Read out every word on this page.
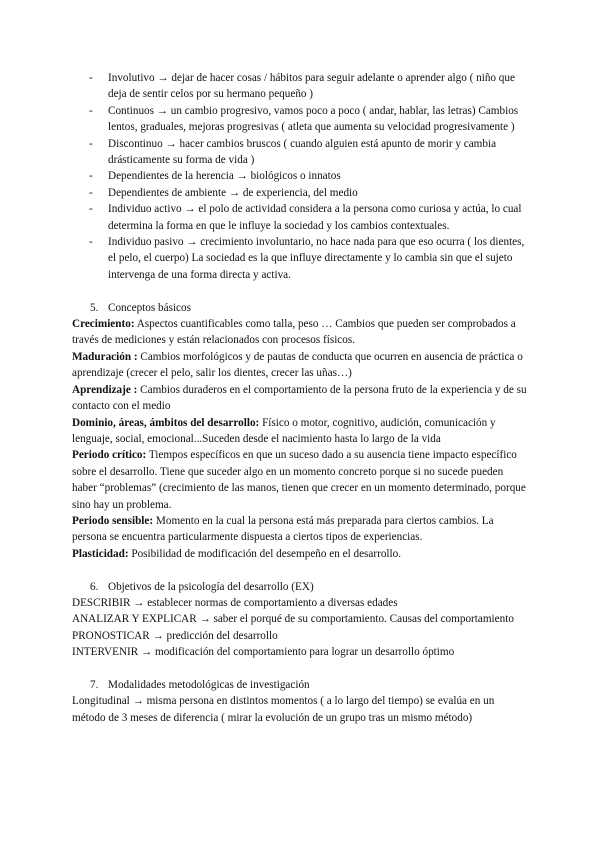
- Involutivo → dejar de hacer cosas / hábitos para seguir adelante o aprender algo ( niño que deja de sentir celos por su hermano pequeño )
- Continuos → un cambio progresivo, vamos poco a poco ( andar, hablar, las letras) Cambios lentos, graduales, mejoras progresivas ( atleta que aumenta su velocidad progresivamente )
- Discontinuo → hacer cambios bruscos ( cuando alguien está apunto de morir y cambia drásticamente su forma de vida )
- Dependientes de la herencia → biológicos o innatos
- Dependientes de ambiente → de experiencia, del medio
- Individuo activo → el polo de actividad considera a la persona como curiosa y actúa, lo cual determina la forma en que le influye la sociedad y los cambios contextuales.
- Individuo pasivo → crecimiento involuntario, no hace nada para que eso ocurra ( los dientes, el pelo, el cuerpo) La sociedad es la que influye directamente y lo cambia sin que el sujeto intervenga de una forma directa y activa.
5. Conceptos básicos

Crecimiento: Aspectos cuantificables como talla, peso … Cambios que pueden ser comprobados a través de mediciones y están relacionados con procesos físicos.

Maduración : Cambios morfológicos y de pautas de conducta que ocurren en ausencia de práctica o aprendizaje (crecer el pelo, salir los dientes, crecer las uñas…)

Aprendizaje : Cambios duraderos en el comportamiento de la persona fruto de la experiencia y de su contacto con el medio

Dominio, áreas, ámbitos del desarrollo: Físico o motor, cognitivo, audición, comunicación y lenguaje, social, emocional...Suceden desde el nacimiento hasta lo largo de la vida

Periodo crítico: Tiempos específicos en que un suceso dado a su ausencia tiene impacto específico sobre el desarrollo. Tiene que suceder algo en un momento concreto porque si no sucede pueden haber “problemas” (crecimiento de las manos, tienen que crecer en un momento determinado, porque sino hay un problema.

Periodo sensible: Momento en la cual la persona está más preparada para ciertos cambios. La persona se encuentra particularmente dispuesta a ciertos tipos de experiencias.

Plasticidad: Posibilidad de modificación del desempeño en el desarrollo.

6. Objetivos de la psicología del desarrollo (EX)

DESCRIBIR → establecer normas de comportamiento a diversas edades

ANALIZAR Y EXPLICAR → saber el porqué de su comportamiento. Causas del comportamiento

PRONOSTICAR → predicción del desarrollo

INTERVENIR → modificación del comportamiento para lograr un desarrollo óptimo

7. Modalidades metodológicas de investigación

Longitudinal → misma persona en distintos momentos ( a lo largo del tiempo) se evalúa en un método de 3 meses de diferencia ( mirar la evolución de un grupo tras un mismo método)
